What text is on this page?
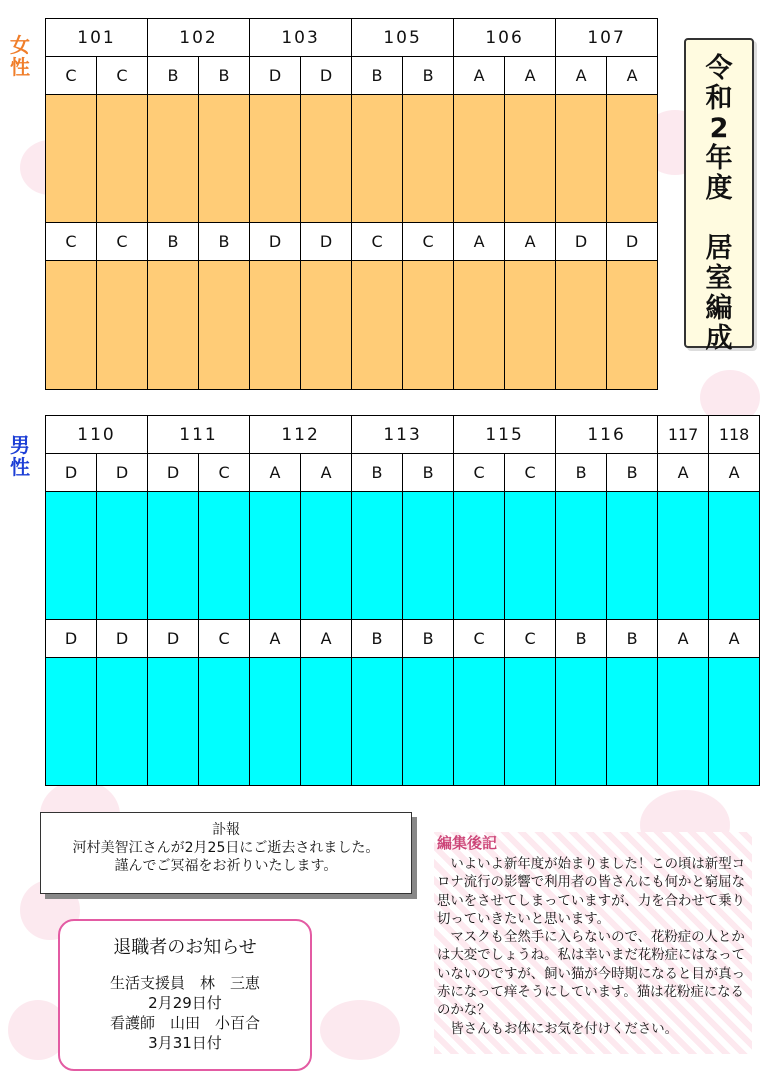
女
性
男
性
101		102		103		105		106		107	
C	C	B	B	D	D	B	B	A	A	A	A

C	C	B	B	D	D	C	C	A	A	D	D

令
和
2
年
度

居
室
編
成
110		111		112		113		115		116		117	118
D	D	D	C	A	A	B	B	C	C	B	B	A	A

D	D	D	C	A	A	B	B	C	C	B	B	A	A

訃報
河村美智江さんが2月25日にご逝去されました。
謹んでご冥福をお祈りいたします。
退職者のお知らせ
生活支援員　林　三恵
2月29日付
看護師　山田　小百合
3月31日付
編集後記

いよいよ新年度が始まりました！この頃は新型コロナ流行の影響で利用者の皆さんにも何かと窮屈な思いをさせてしまっていますが、力を合わせて乗り切っていきたいと思います。

マスクも全然手に入らないので、花粉症の人とかは大変でしょうね。私は幸いまだ花粉症にはなっていないのですが、飼い猫が今時期になると目が真っ赤になって痒そうにしています。猫は花粉症になるのかな？

皆さんもお体にお気を付けください。
